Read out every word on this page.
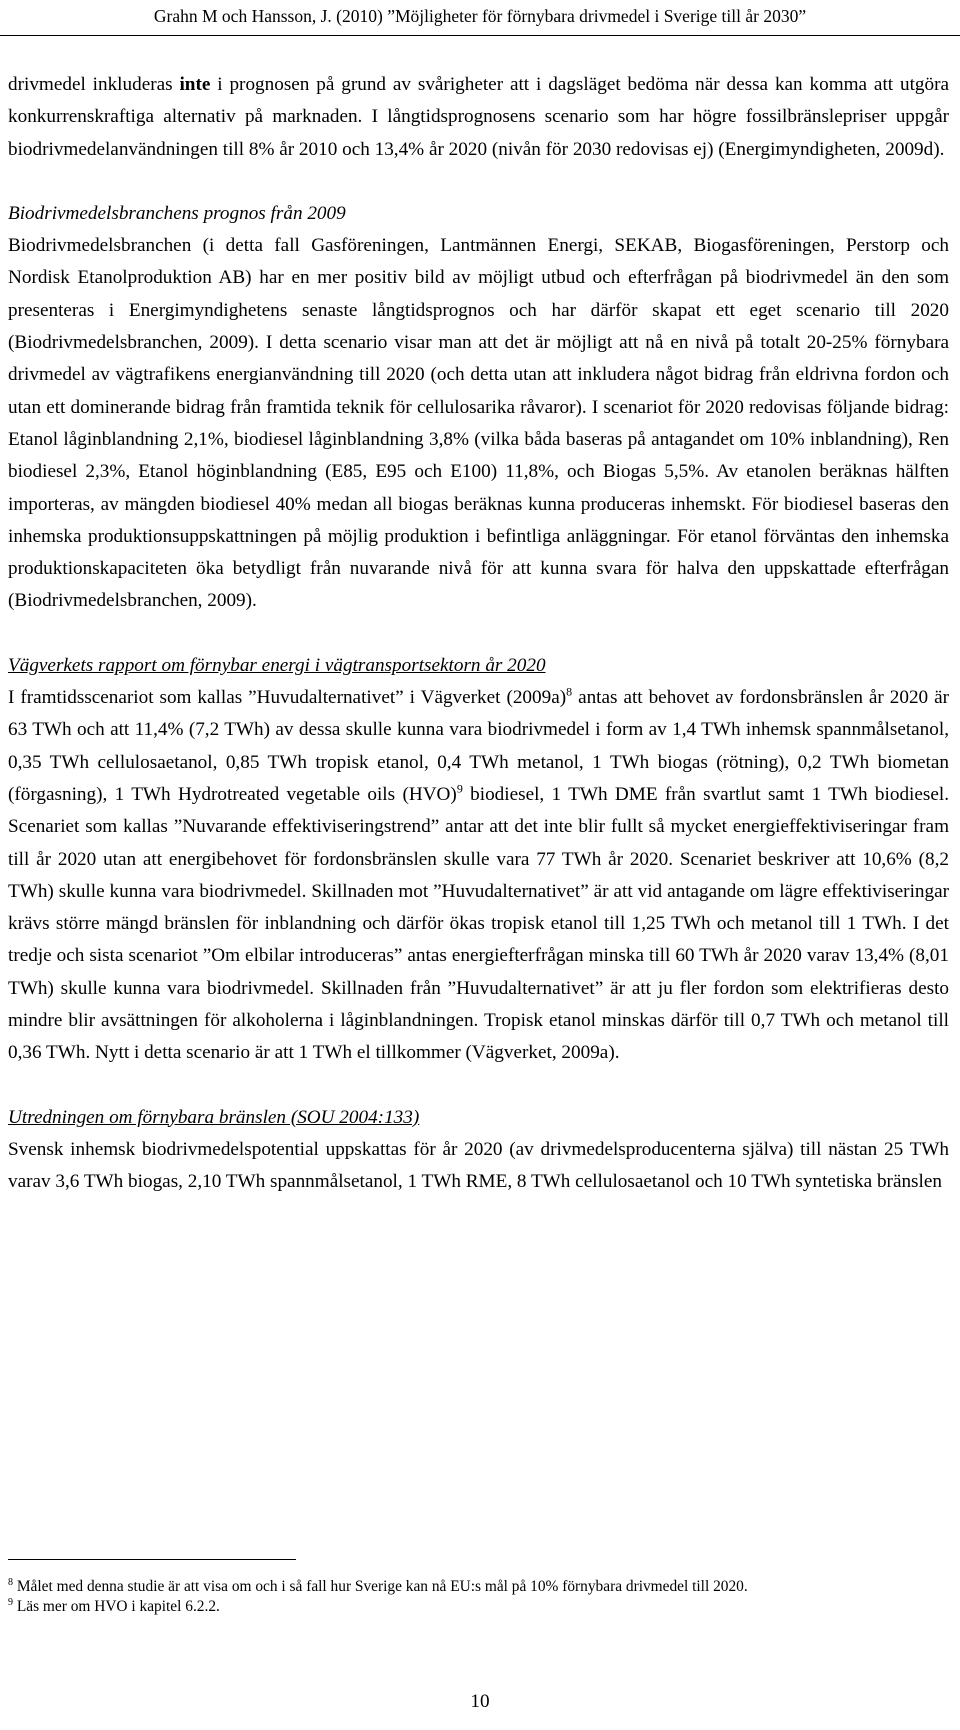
Grahn M och Hansson, J. (2010) ”Möjligheter för förnybara drivmedel i Sverige till år 2030”

drivmedel inkluderas inte i prognosen på grund av svårigheter att i dagsläget bedöma när dessa kan komma att utgöra konkurrenskraftiga alternativ på marknaden. I långtidsprognosens scenario som har högre fossilbränslepriser uppgår biodrivmedelanvändningen till 8% år 2010 och 13,4% år 2020 (nivån för 2030 redovisas ej) (Energimyndigheten, 2009d).

Biodrivmedelsbranchens prognos från 2009

Biodrivmedelsbranchen (i detta fall Gasföreningen, Lantmännen Energi, SEKAB, Biogasföreningen, Perstorp och Nordisk Etanolproduktion AB) har en mer positiv bild av möjligt utbud och efterfrågan på biodrivmedel än den som presenteras i Energimyndighetens senaste långtidsprognos och har därför skapat ett eget scenario till 2020 (Biodrivmedelsbranchen, 2009). I detta scenario visar man att det är möjligt att nå en nivå på totalt 20-25% förnybara drivmedel av vägtrafikens energianvändning till 2020 (och detta utan att inkludera något bidrag från eldrivna fordon och utan ett dominerande bidrag från framtida teknik för cellulosarika råvaror). I scenariot för 2020 redovisas följande bidrag: Etanol låginblandning 2,1%, biodiesel låginblandning 3,8% (vilka båda baseras på antagandet om 10% inblandning), Ren biodiesel 2,3%, Etanol höginblandning (E85, E95 och E100) 11,8%, och Biogas 5,5%. Av etanolen beräknas hälften importeras, av mängden biodiesel 40% medan all biogas beräknas kunna produceras inhemskt. För biodiesel baseras den inhemska produktionsuppskattningen på möjlig produktion i befintliga anläggningar. För etanol förväntas den inhemska produktionskapaciteten öka betydligt från nuvarande nivå för att kunna svara för halva den uppskattade efterfrågan (Biodrivmedelsbranchen, 2009).

Vägverkets rapport om förnybar energi i vägtransportsektorn år 2020

I framtidsscenariot som kallas ”Huvudalternativet” i Vägverket $(2009a)^8$ antas att behovet av fordonsbränslen år 2020 är 63 TWh och att 11,4% (7,2 TWh) av dessa skulle kunna vara biodrivmedel i form av 1,4 TWh inhemsk spannmålsetanol, 0,35 TWh cellulosaetanol, 0,85 TWh tropisk etanol, 0,4 TWh metanol, 1 TWh biogas (rötning), 0,2 TWh biometan (förgasning), 1 TWh Hydrotreated vegetable oils (HVO)$^9$ biodiesel, 1 TWh DME från svartlut samt 1 TWh biodiesel. Scenariet som kallas ”Nuvarande effektiviseringstrend” antar att det inte blir fullt så mycket energieffektiviseringar fram till år 2020 utan att energibehovet för fordonsbränslen skulle vara 77 TWh år 2020. Scenariet beskriver att 10,6% (8,2 TWh) skulle kunna vara biodrivmedel. Skillnaden mot ”Huvudalternativet” är att vid antagande om lägre effektiviseringar krävs större mängd bränslen för inblandning och därför ökas tropisk etanol till 1,25 TWh och metanol till 1 TWh. I det tredje och sista scenariot ”Om elbilar introduceras” antas energiefterfrågan minska till 60 TWh år 2020 varav 13,4% (8,01 TWh) skulle kunna vara biodrivmedel. Skillnaden från ”Huvudalternativet” är att ju fler fordon som elektrifieras desto mindre blir avsättningen för alkoholerna i låginblandningen. Tropisk etanol minskas därför till 0,7 TWh och metanol till 0,36 TWh. Nytt i detta scenario är att 1 TWh el tillkommer (Vägverket, 2009a).

Utredningen om förnybara bränslen (SOU 2004:133)

Svensk inhemsk biodrivmedelspotential uppskattas för år 2020 (av drivmedelsproducenterna själva) till nästan 25 TWh varav 3,6 TWh biogas, 2,10 TWh spannmålsetanol, 1 TWh RME, 8 TWh cellulosaetanol och 10 TWh syntetiska bränslen

$^8$ Målet med denna studie är att visa om och i så fall hur Sverige kan nå EU:s mål på 10% förnybara drivmedel till 2020.

$^9$ Läs mer om HVO i kapitel 6.2.2.

10
